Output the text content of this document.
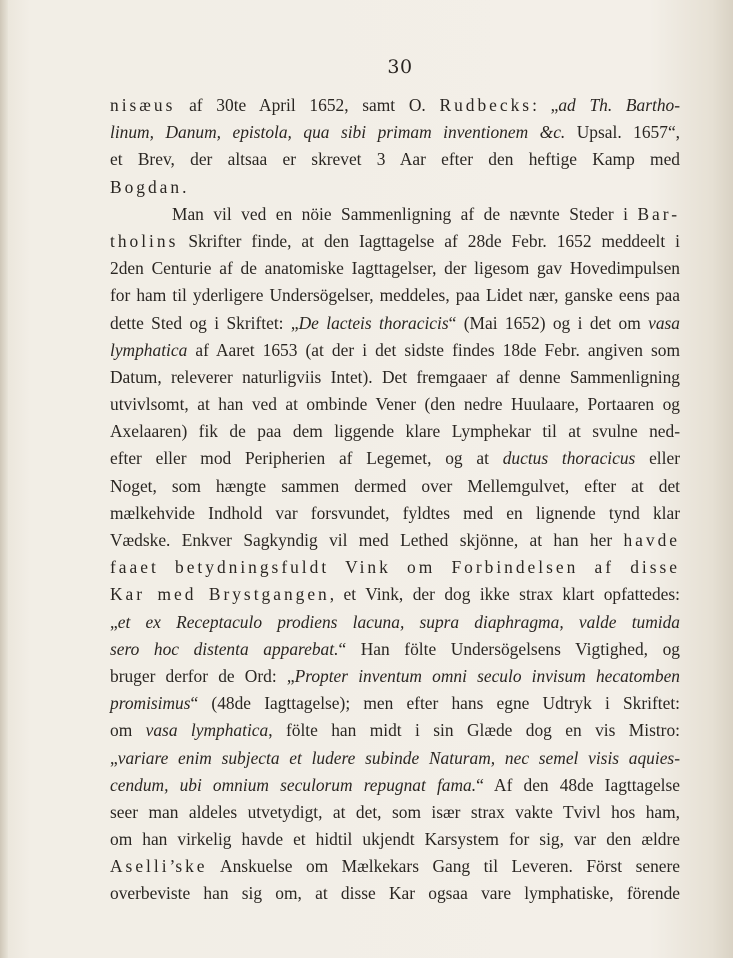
30
nisæus af 30te April 1652, samt O. Rudbecks: „ad Th. Bartho-
linum, Danum, epistola, qua sibi primam inventionem &c. Upsal. 1657“,
et Brev, der altsaa er skrevet 3 Aar efter den heftige Kamp med
Bogdan.
Man vil ved en nöie Sammenligning af de nævnte Steder i Bar-
tholins Skrifter finde, at den Iagttagelse af 28de Febr. 1652 meddeelt i
2den Centurie af de anatomiske Iagttagelser, der ligesom gav Hovedimpulsen
for ham til yderligere Undersögelser, meddeles, paa Lidet nær, ganske eens paa
dette Sted og i Skriftet: „De lacteis thoracicis“ (Mai 1652) og i det om vasa
lymphatica af Aaret 1653 (at der i det sidste findes 18de Febr. angiven som
Datum, releverer naturligviis Intet). Det fremgaaer af denne Sammenligning
utvivlsomt, at han ved at ombinde Vener (den nedre Huulaare, Portaaren og
Axelaaren) fik de paa dem liggende klare Lymphekar til at svulne ned-
efter eller mod Peripherien af Legemet, og at ductus thoracicus eller
Noget, som hængte sammen dermed over Mellemgulvet, efter at det
mælkehvide Indhold var forsvundet, fyldtes med en lignende tynd klar
Vædske. Enkver Sagkyndig vil med Lethed skjönne, at han her havde
faaet betydningsfuldt Vink om Forbindelsen af disse
Kar med Brystgangen, et Vink, der dog ikke strax klart opfattedes:
„et ex Receptaculo prodiens lacuna, supra diaphragma, valde tumida
sero hoc distenta apparebat.“ Han fölte Undersögelsens Vigtighed, og
bruger derfor de Ord: „Propter inventum omni seculo invisum hecatomben
promisimus“ (48de Iagttagelse); men efter hans egne Udtryk i Skriftet:
om vasa lymphatica, fölte han midt i sin Glæde dog en vis Mistro:
„variare enim subjecta et ludere subinde Naturam, nec semel visis aquies-
cendum, ubi omnium seculorum repugnat fama.“ Af den 48de Iagttagelse
seer man aldeles utvetydigt, at det, som især strax vakte Tvivl hos ham,
om han virkelig havde et hidtil ukjendt Karsystem for sig, var den ældre
Aselli’ske Anskuelse om Mælkekars Gang til Leveren. Först senere
overbeviste han sig om, at disse Kar ogsaa vare lymphatiske, förende
